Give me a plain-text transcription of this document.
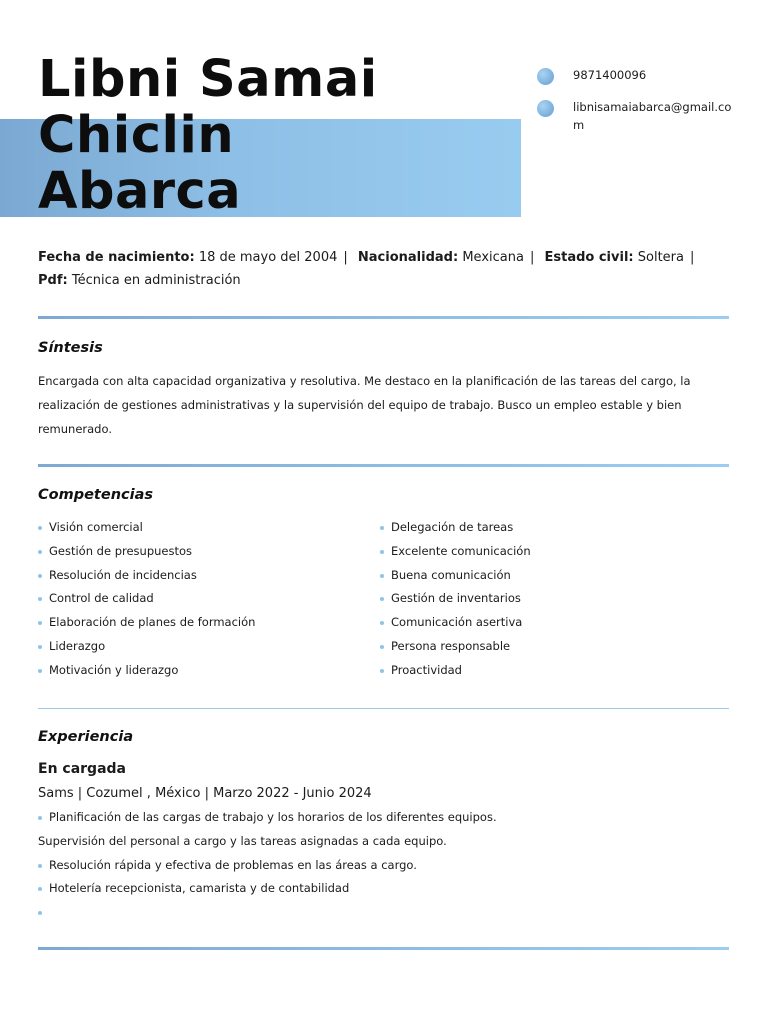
Libni Samai
Chiclin
Abarca
9871400096
libnisamaiabarca@gmail.com
Fecha de nacimiento: 18 de mayo del 2004 | Nacionalidad: Mexicana | Estado civil: Soltera |
Pdf: Técnica en administración
Síntesis

Encargada con alta capacidad organizativa y resolutiva. Me destaco en la planificación de las tareas del cargo, la realización de gestiones administrativas y la supervisión del equipo de trabajo. Busco un empleo estable y bien remunerado.

Competencias
Visión comercial
Gestión de presupuestos
Resolución de incidencias
Control de calidad
Elaboración de planes de formación
Liderazgo
Motivación y liderazgo
Delegación de tareas
Excelente comunicación
Buena comunicación
Gestión de inventarios
Comunicación asertiva
Persona responsable
Proactividad
Experiencia
En cargada

Sams | Cozumel , México | Marzo 2022 - Junio 2024

Planificación de las cargas de trabajo y los horarios de los diferentes equipos.

Supervisión del personal a cargo y las tareas asignadas a cada equipo.

Resolución rápida y efectiva de problemas en las áreas a cargo.
Hotelería recepcionista, camarista y de contabilidad
